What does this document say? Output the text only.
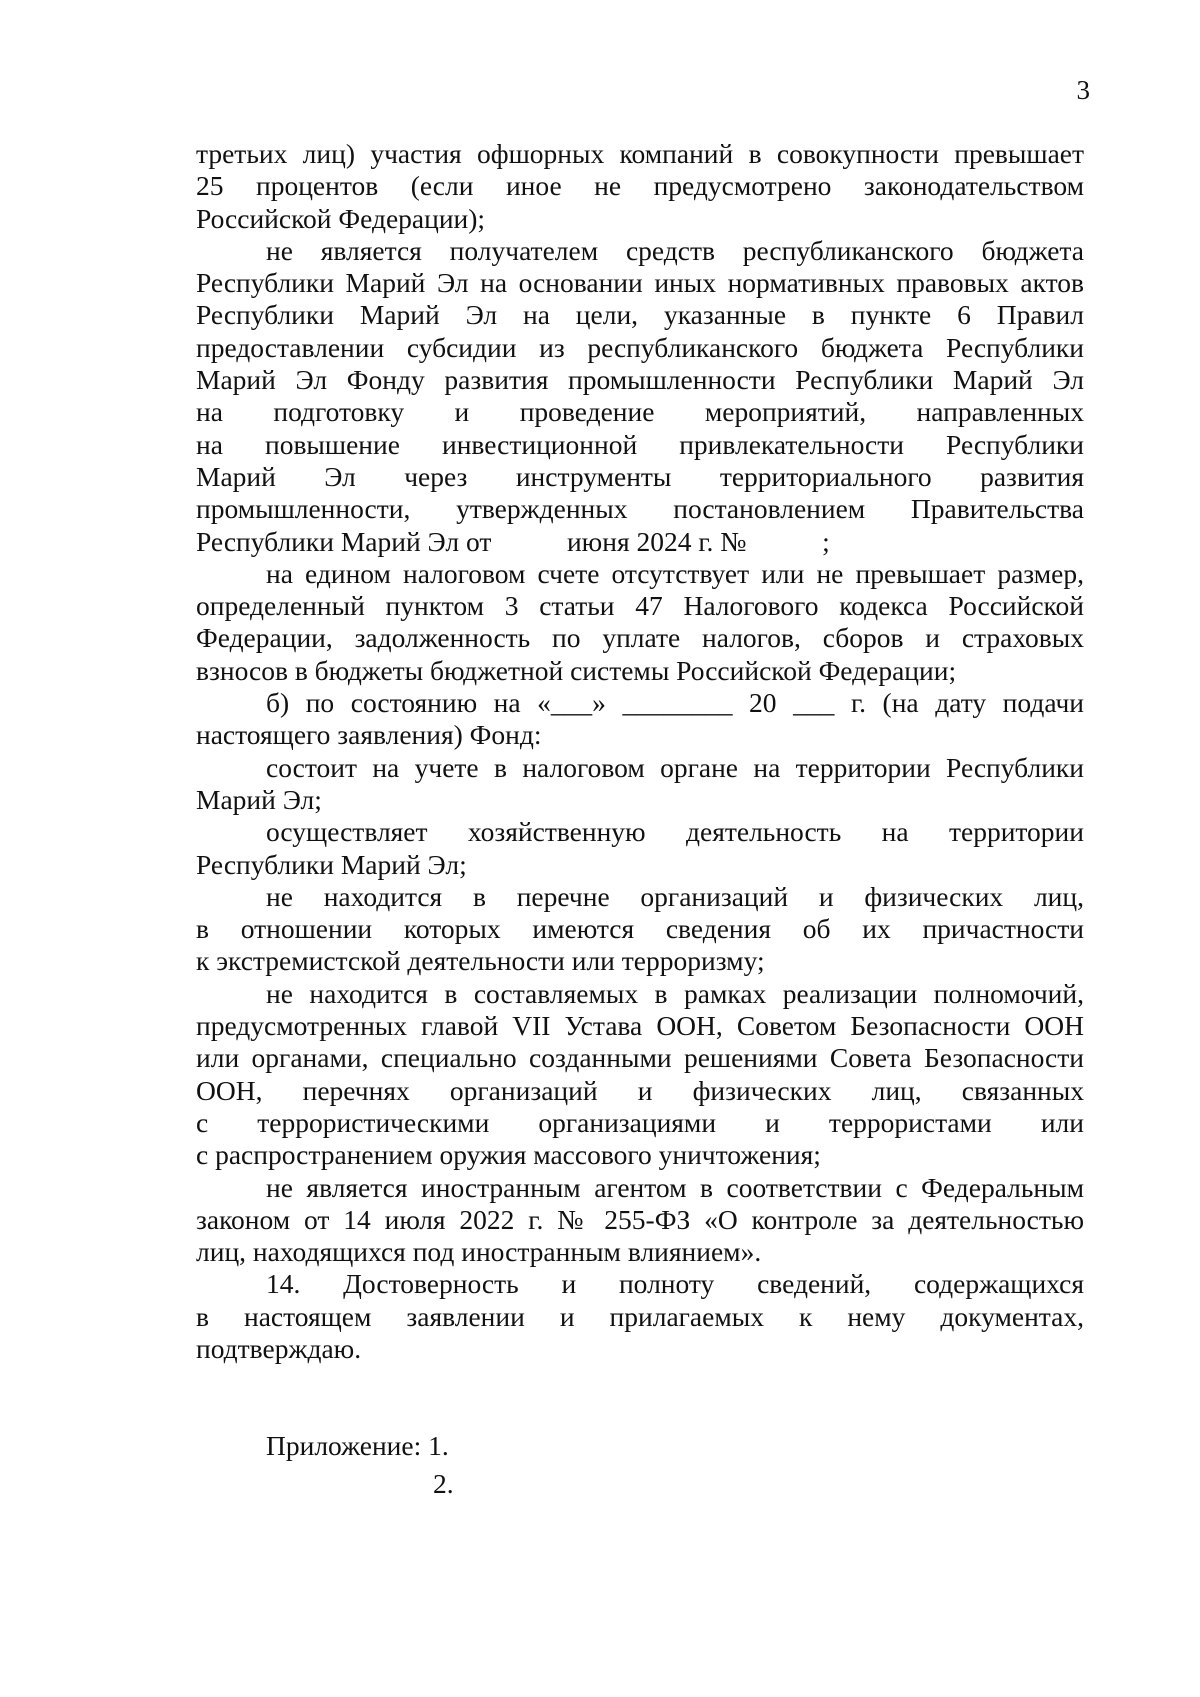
3
третьих лиц) участия офшорных компаний в совокупности превышает
25 процентов (если иное не предусмотрено законодательством
Российской Федерации);
не является получателем средств республиканского бюджета
Республики Марий Эл на основании иных нормативных правовых актов
Республики Марий Эл на цели, указанные в пункте 6 Правил
предоставлении субсидии из республиканского бюджета Республики
Марий Эл Фонду развития промышленности Республики Марий Эл
на подготовку и проведение мероприятий, направленных
на повышение инвестиционной привлекательности Республики
Марий Эл через инструменты территориального развития
промышленности, утвержденных постановлением Правительства
Республики Марий Эл от           июня 2024 г. №           ;
на едином налоговом счете отсутствует или не превышает размер,
определенный пунктом 3 статьи 47 Налогового кодекса Российской
Федерации, задолженность по уплате налогов, сборов и страховых
взносов в бюджеты бюджетной системы Российской Федерации;
б) по состоянию на «___» ________ 20 ___ г. (на дату подачи
настоящего заявления) Фонд:
состоит на учете в налоговом органе на территории Республики
Марий Эл;
осуществляет хозяйственную деятельность на территории
Республики Марий Эл;
не находится в перечне организаций и физических лиц,
в отношении которых имеются сведения об их причастности
к экстремистской деятельности или терроризму;
не находится в составляемых в рамках реализации полномочий,
предусмотренных главой VII Устава ООН, Советом Безопасности ООН
или органами, специально созданными решениями Совета Безопасности
ООН, перечнях организаций и физических лиц, связанных
с террористическими организациями и террористами или
с распространением оружия массового уничтожения;
не является иностранным агентом в соответствии с Федеральным
законом от 14 июля 2022 г. № 255-ФЗ «О контроле за деятельностью
лиц, находящихся под иностранным влиянием».
14. Достоверность и полноту сведений, содержащихся
в настоящем заявлении и прилагаемых к нему документах,
подтверждаю.
Приложение: 1.
2.
